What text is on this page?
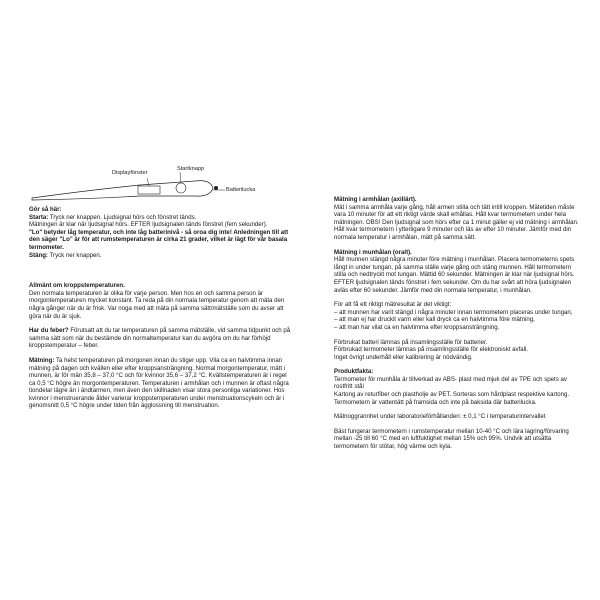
Displayfönster
Startknapp
Batterilucka

Gör så här:

Starta: Tryck ner knappen. Ljudsignal hörs och fönstret tänds.

Mätningen är klar när ljudsignal hörs. EFTER ljudsignalen tänds fönstret (fem sekunder).

"Lo" betyder låg temperatur, och inte låg batterinivå - så oroa dig inte! Anledningen till att den säger "Lo" är för att rumstemperaturen är cirka 21 grader, vilket är lägt för vår basala termometer.

Stäng: Tryck ner knappen.

Allmänt om kroppstemperaturen.

Den normala temperaturen är olika för varje person. Men hos en och samma person är morgontemperaturen mycket konstant. Ta reda på din normala temperatur genom att mäta den några gånger när du är frisk. Var noga med att mäta på samma sätt/mätställe som du avser att göra när du är sjuk.

Har du feber? Förutsatt att du tar temperaturen på samma mätställe, vid samma tidpunkt och på samma sätt som när du bestämde din normaltemperatur kan du avgöra om du har förhöjd kroppstemperatur – feber.

Mätning: Ta helst temperaturen på morgonen innan du stiger upp. Vila ca en halvtimma innan mätning på dagen och kvällen eller efter kroppsansträngning. Normal morgontemperatur, mätt i munnen, är för män 35,8 – 37,0 °C och för kvinnor 35,6 – 37,2 °C. Kvällstemperaturen är i regel ca 0,5 °C högre än morgontemperaturen. Temperaturen i armhålan och i munnen är oftast några tiondelar lägre än i ändtarmen, men även den skillnaden visar stora personliga variationer. Hos kvinnor i menstruerande ålder varierar kroppstemperaturen under menstruationscykeln och är i genomsnitt 0,5 °C högre under tiden från ägglossning till menstruation.

Mätning i armhålan (axillärt).

Mät i samma armhåla varje gång, håll armen stilla och tätt intill kroppen. Mätetiden måste vara 10 minuter för att ett riktigt värde skall erhållas. Håll kvar termometern under hela mätningen. OBS! Den ljudsignal som hörs efter ca 1 minut gäller ej vid mätning i armhålan. Håll kvar termometern i ytterligare 9 minuter och läs av efter 10 minuter. Jämför med din normala temperatur i armhålan, mätt på samma sätt.

Mätning i munhålan (oralt).

Håll munnen stängd några minuter före mätning i munhålan. Placera termometerns spets långt in under tungan, på samma ställe varje gång och stäng munnen. Håll termometern stilla och nedtryckt mot tungan. Mättid 60 sekunder. Mätningen är klar när ljudsignal hörs. EFTER ljudsignalen tänds fönstret i fem sekunder. Om du har svårt att höra ljudsignalen avläs efter 60 sekunder. Jämför med din normala temperatur, i munhålan.

För att få ett riktigt mätresultat är det viktigt:

– att munnen har varit stängd i några minuter innan termometern placeras under tungan,

– att man ej har druckit varm eller kall dryck ca en halvtimma före mätning,

– att man har vilat ca en halvtimma efter kroppsansträngning.

Förbrukat batteri lämnas på insamlingsställe för batterier.

Förbrukad termometer lämnas på insamlingsställe för elektroniskt avfall.

Inget övrigt underhåll eller kalibrering är nödvändig.

Produktfakta:

Termometer för munhåla är tillverkad av ABS- plast med mjuk del av TPE och spets av rostfritt stål

Kartong av returfiber och plastholje av PET. Sorteras som hårdplast respektive kartong.

Termometern är vattentätt på framsida och inte på baksida där batterilucka.

Mätnoggrannhet under laboratorieförhållanden: ± 0,1 °C i temperaturintervallet

Bäst fungerar termometern i rumstemperatur mellan 10-40 °C och lära lagring/förvaring mellan -25 till 60 °C med en luftfuktighet mellan 15% och 95%. Undvik att utsätta termometern för stötar, hög värme och kyla.
